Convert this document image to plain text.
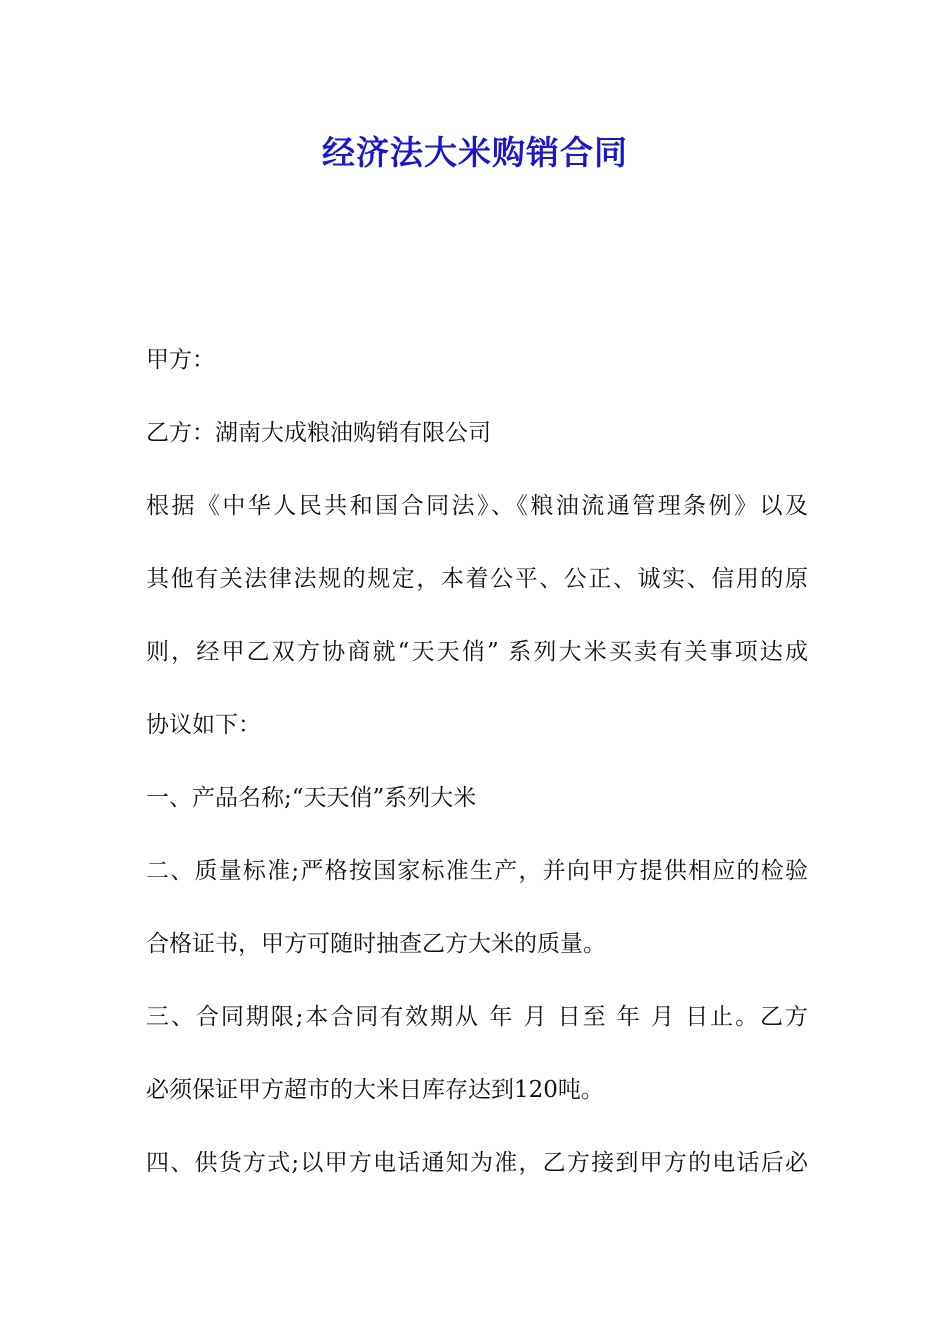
经济法大米购销合同
甲方：
乙方：湖南大成粮油购销有限公司
根据《中华人民共和国合同法》、《粮油流通管理条例》以及
其他有关法律法规的规定，本着公平、公正、诚实、信用的原
则，经甲乙双方协商就“天天俏” 系列大米买卖有关事项达成
协议如下：
一、产品名称;“天天俏”系列大米
二、质量标准;严格按国家标准生产，并向甲方提供相应的检验
合格证书，甲方可随时抽查乙方大米的质量。
三、合同期限;本合同有效期从 年 月 日至 年 月 日止。乙方
必须保证甲方超市的大米日库存达到120吨。
四、供货方式;以甲方电话通知为准，乙方接到甲方的电话后必
